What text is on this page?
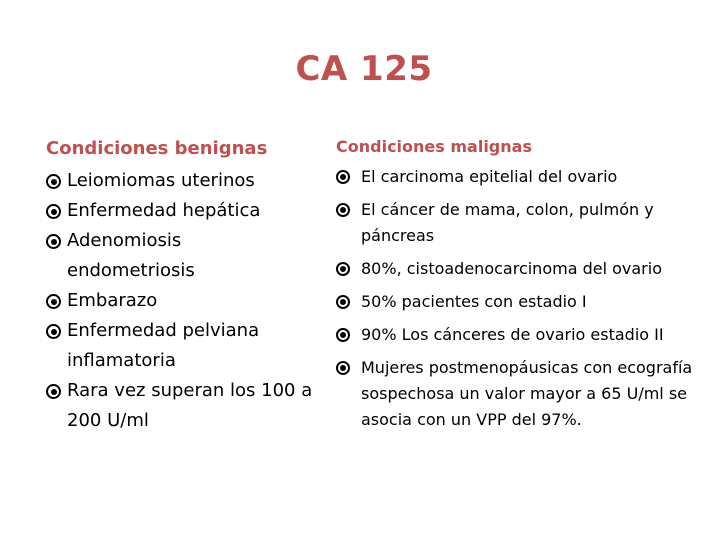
CA 125
Condiciones benignas
Leiomiomas uterinos
Enfermedad hepática
Adenomiosis endometriosis
Embarazo
Enfermedad pelviana inflamatoria
Rara vez superan los 100 a 200 U/ml
Condiciones malignas
El carcinoma epitelial del ovario
El cáncer de mama, colon, pulmón y páncreas
80%, cistoadenocarcinoma del ovario
50% pacientes con estadio I
90% Los cánceres de ovario estadio II
Mujeres postmenopáusicas con ecografía sospechosa un valor mayor a 65 U/ml se asocia con un VPP del 97%.
